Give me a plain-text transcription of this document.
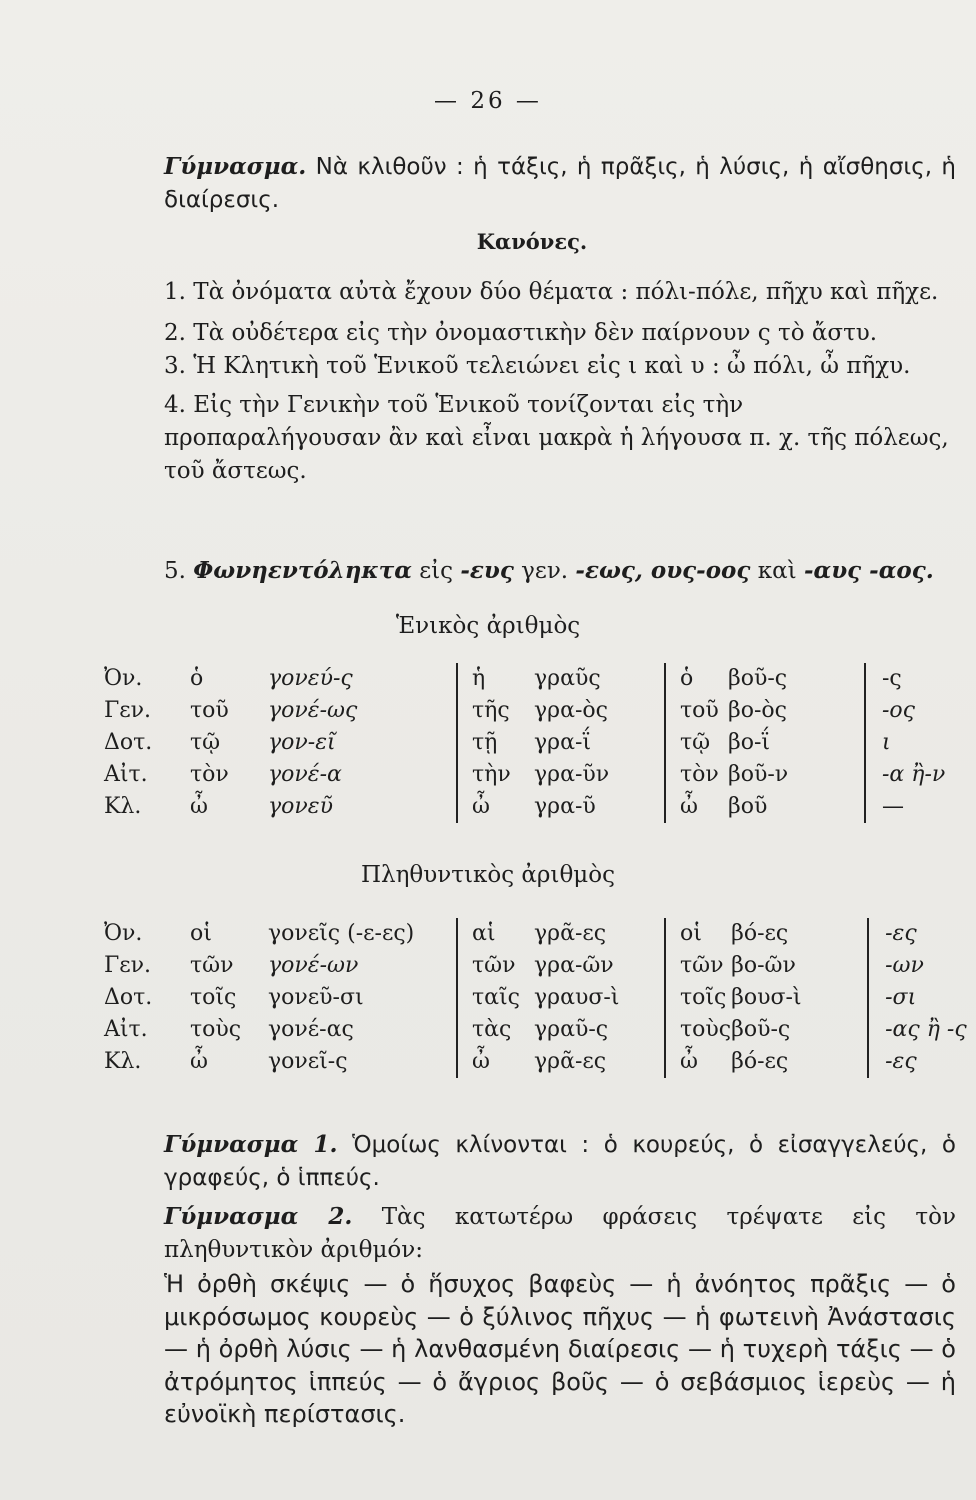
— 26 —

Γύμνασμα. Νὰ κλιθοῦν : ἡ τάξις, ἡ πρᾶξις, ἡ λύσις, ἡ αἴσθησις, ἡ διαίρεσις.

Κανόνες.

1. Τὰ ὀνόματα αὐτὰ ἔχουν δύο θέματα : πόλι-πόλε, πῆχυ καὶ πῆχε.

2. Τὰ οὐδέτερα εἰς τὴν ὀνομαστικὴν δὲν παίρνουν ς τὸ ἄστυ.

3. Ἡ Κλητικὴ τοῦ Ἑνικοῦ τελειώνει εἰς ι καὶ υ : ὦ πόλι, ὦ πῆχυ.

4. Εἰς τὴν Γενικὴν τοῦ Ἑνικοῦ τονίζονται εἰς τὴν προπαραλήγουσαν ἂν καὶ εἶναι μακρὰ ἡ λήγουσα π. χ. τῆς πόλεως, τοῦ ἄστεως.

5. Φωνηεντόληκτα εἰς -ευς γεν. -εως, ους-οος καὶ -αυς -αος.

Ἑνικὸς ἀριθμὸς
Ὀν.	ὁ	γονεύ-ς	ἡ	γραῦς	ὁ	βοῦ-ς	-ς
Γεν.	τοῦ	γονέ-ως	τῆς	γρα-ὸς	τοῦ	βο-ὸς	-ος
Δοτ.	τῷ	γον-εῖ	τῇ	γρα-ΐ	τῷ	βο-ΐ	ι
Αἰτ.	τὸν	γονέ-α	τὴν	γρα-ῦν	τὸν	βοῦ-ν	-α ἢ-ν
Κλ.	ὦ	γονεῦ	ὦ	γρα-ῦ	ὦ	βοῦ	—
Πληθυντικὸς ἀριθμὸς
Ὀν.	οἱ	γονεῖς (-ε-ες)	αἱ	γρᾶ-ες	οἱ	βό-ες	-ες
Γεν.	τῶν	γονέ-ων	τῶν	γρα-ῶν	τῶν	βο-ῶν	-ων
Δοτ.	τοῖς	γονεῦ-σι	ταῖς	γραυσ-ὶ	τοῖς	βουσ-ὶ	-σι
Αἰτ.	τοὺς	γονέ-ας	τὰς	γραῦ-ς	τοὺς	βοῦ-ς	-ας ἢ -ς
Κλ.	ὦ	γονεῖ-ς	ὦ	γρᾶ-ες	ὦ	βό-ες	-ες

Γύμνασμα 1. Ὁμοίως κλίνονται : ὁ κουρεύς, ὁ εἰσαγγελεύς, ὁ γραφεύς, ὁ ἱππεύς.

Γύμνασμα 2. Τὰς κατωτέρω φράσεις τρέψατε εἰς τὸν πληθυντικὸν ἀριθμόν:

Ἡ ὀρθὴ σκέψις — ὁ ἥσυχος βαφεὺς — ἡ ἀνόητος πρᾶξις — ὁ μικρόσωμος κουρεὺς — ὁ ξύλινος πῆχυς — ἡ φωτεινὴ Ἀνάστασις — ἡ ὀρθὴ λύσις — ἡ λανθασμένη διαίρεσις — ἡ τυχερὴ τάξις — ὁ ἀτρόμητος ἱππεύς — ὁ ἄγριος βοῦς — ὁ σεβάσμιος ἱερεὺς — ἡ εὐνοϊκὴ περίστασις.
